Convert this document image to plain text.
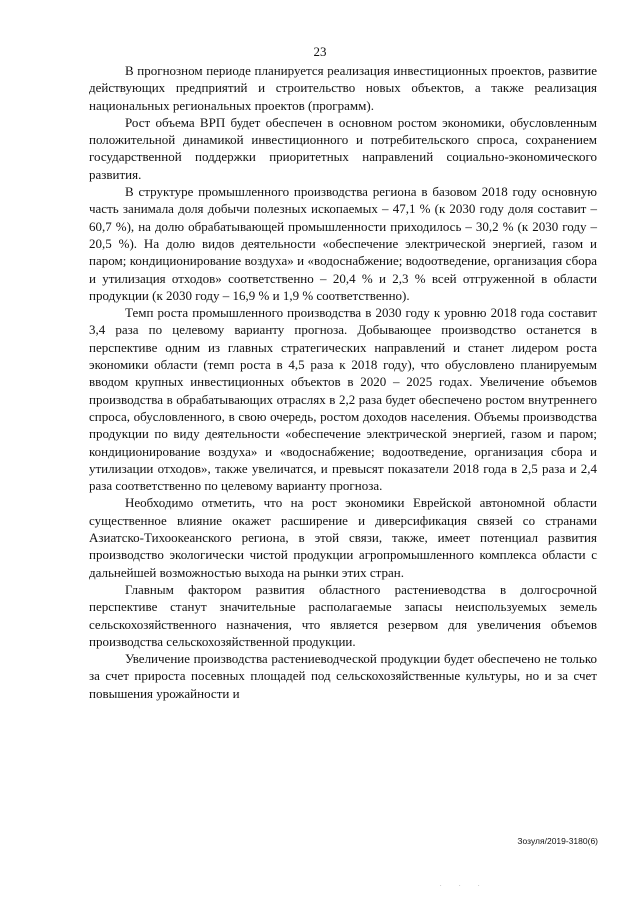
23

В прогнозном периоде планируется реализация инвестиционных проектов, развитие действующих предприятий и строительство новых объектов, а также реализация национальных региональных проектов (программ).

Рост объема ВРП будет обеспечен в основном ростом экономики, обусловленным положительной динамикой инвестиционного и потребительского спроса, сохранением государственной поддержки приоритетных направлений социально-экономического развития.

В структуре промышленного производства региона в базовом 2018 году основную часть занимала доля добычи полезных ископаемых – 47,1 % (к 2030 году доля составит – 60,7 %), на долю обрабатывающей промышленности приходилось – 30,2 % (к 2030 году – 20,5 %). На долю видов деятельности «обеспечение электрической энергией, газом и паром; кондиционирование воздуха» и «водоснабжение; водоотведение, организация сбора и утилизация отходов» соответственно – 20,4 % и 2,3 % всей отгруженной в области продукции (к 2030 году – 16,9 % и 1,9 % соответственно).

Темп роста промышленного производства в 2030 году к уровню 2018 года составит 3,4 раза по целевому варианту прогноза. Добывающее производство останется в перспективе одним из главных стратегических направлений и станет лидером роста экономики области (темп роста в 4,5 раза к 2018 году), что обусловлено планируемым вводом крупных инвестиционных объектов в 2020 – 2025 годах. Увеличение объемов производства в обрабатывающих отраслях в 2,2 раза будет обеспечено ростом внутреннего спроса, обусловленного, в свою очередь, ростом доходов населения. Объемы производства продукции по виду деятельности «обеспечение электрической энергией, газом и паром; кондиционирование воздуха» и «водоснабжение; водоотведение, организация сбора и утилизации отходов», также увеличатся, и превысят показатели 2018 года в 2,5 раза и 2,4 раза соответственно по целевому варианту прогноза.

Необходимо отметить, что на рост экономики Еврейской автономной области существенное влияние окажет расширение и диверсификация связей со странами Азиатско-Тихоокеанского региона, в этой связи, также, имеет потенциал развития производство экологически чистой продукции агропромышленного комплекса области с дальнейшей возможностью выхода на рынки этих стран.

Главным фактором развития областного растениеводства в долгосрочной перспективе станут значительные располагаемые запасы неиспользуемых земель сельскохозяйственного назначения, что является резервом для увеличения объемов производства сельскохозяйственной продукции.

Увеличение производства растениеводческой продукции будет обеспечено не только за счет прироста посевных площадей под сельскохозяйственные культуры, но и за счет повышения урожайности и

Зозуля/2019-3180(6)
. . .
